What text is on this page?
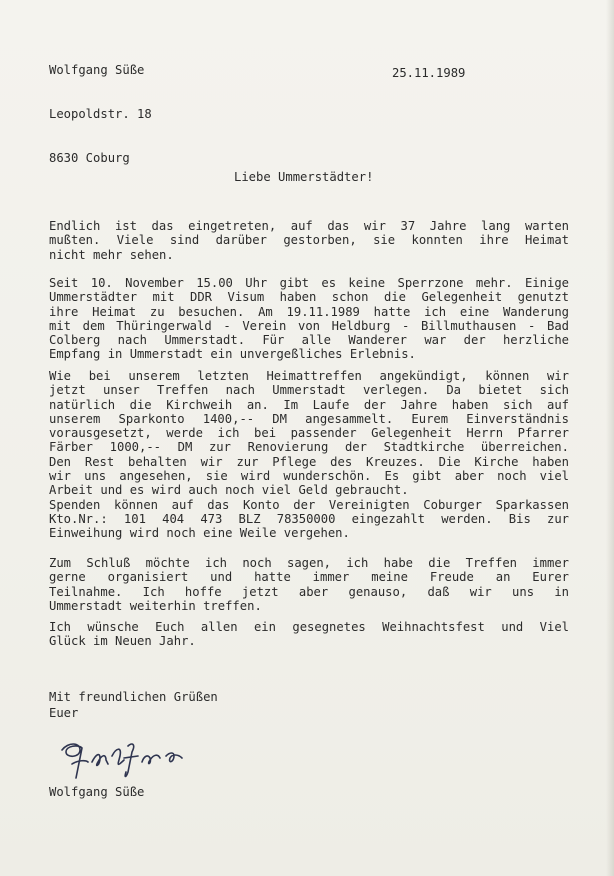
Wolfgang Süße

Leopoldstr. 18

8630 Coburg

25.11.1989
Liebe Ummerstädter!
Endlich ist das eingetreten, auf das wir 37 Jahre lang warten
mußten. Viele sind darüber gestorben, sie konnten ihre Heimat
nicht mehr sehen.
Seit 10. November 15.00 Uhr gibt es keine Sperrzone mehr. Einige
Ummerstädter mit DDR Visum haben schon die Gelegenheit genutzt
ihre Heimat zu besuchen. Am 19.11.1989 hatte ich eine Wanderung
mit dem Thüringerwald - Verein von Heldburg - Billmuthausen - Bad
Colberg nach Ummerstadt. Für alle Wanderer war der herzliche
Empfang in Ummerstadt ein unvergeßliches Erlebnis.
Wie bei unserem letzten Heimattreffen angekündigt, können wir
jetzt unser Treffen nach Ummerstadt verlegen. Da bietet sich
natürlich die Kirchweih an. Im Laufe der Jahre haben sich auf
unserem Sparkonto 1400,-- DM angesammelt. Eurem Einverständnis
vorausgesetzt, werde ich bei passender Gelegenheit Herrn Pfarrer
Färber 1000,-- DM zur Renovierung der Stadtkirche überreichen.
Den Rest behalten wir zur Pflege des Kreuzes. Die Kirche haben
wir uns angesehen, sie wird wunderschön. Es gibt aber noch viel
Arbeit und es wird auch noch viel Geld gebraucht.
Spenden können auf das Konto der Vereinigten Coburger Sparkassen
Kto.Nr.: 101 404 473 BLZ 78350000 eingezahlt werden. Bis zur
Einweihung wird noch eine Weile vergehen.
Zum Schluß möchte ich noch sagen, ich habe die Treffen immer
gerne organisiert und hatte immer meine Freude an Eurer
Teilnahme. Ich hoffe jetzt aber genauso, daß wir uns in
Ummerstadt weiterhin treffen.
Ich wünsche Euch allen ein gesegnetes Weihnachtsfest und Viel
Glück im Neuen Jahr.
Mit freundlichen Grüßen
Euer
Wolfgang Süße
